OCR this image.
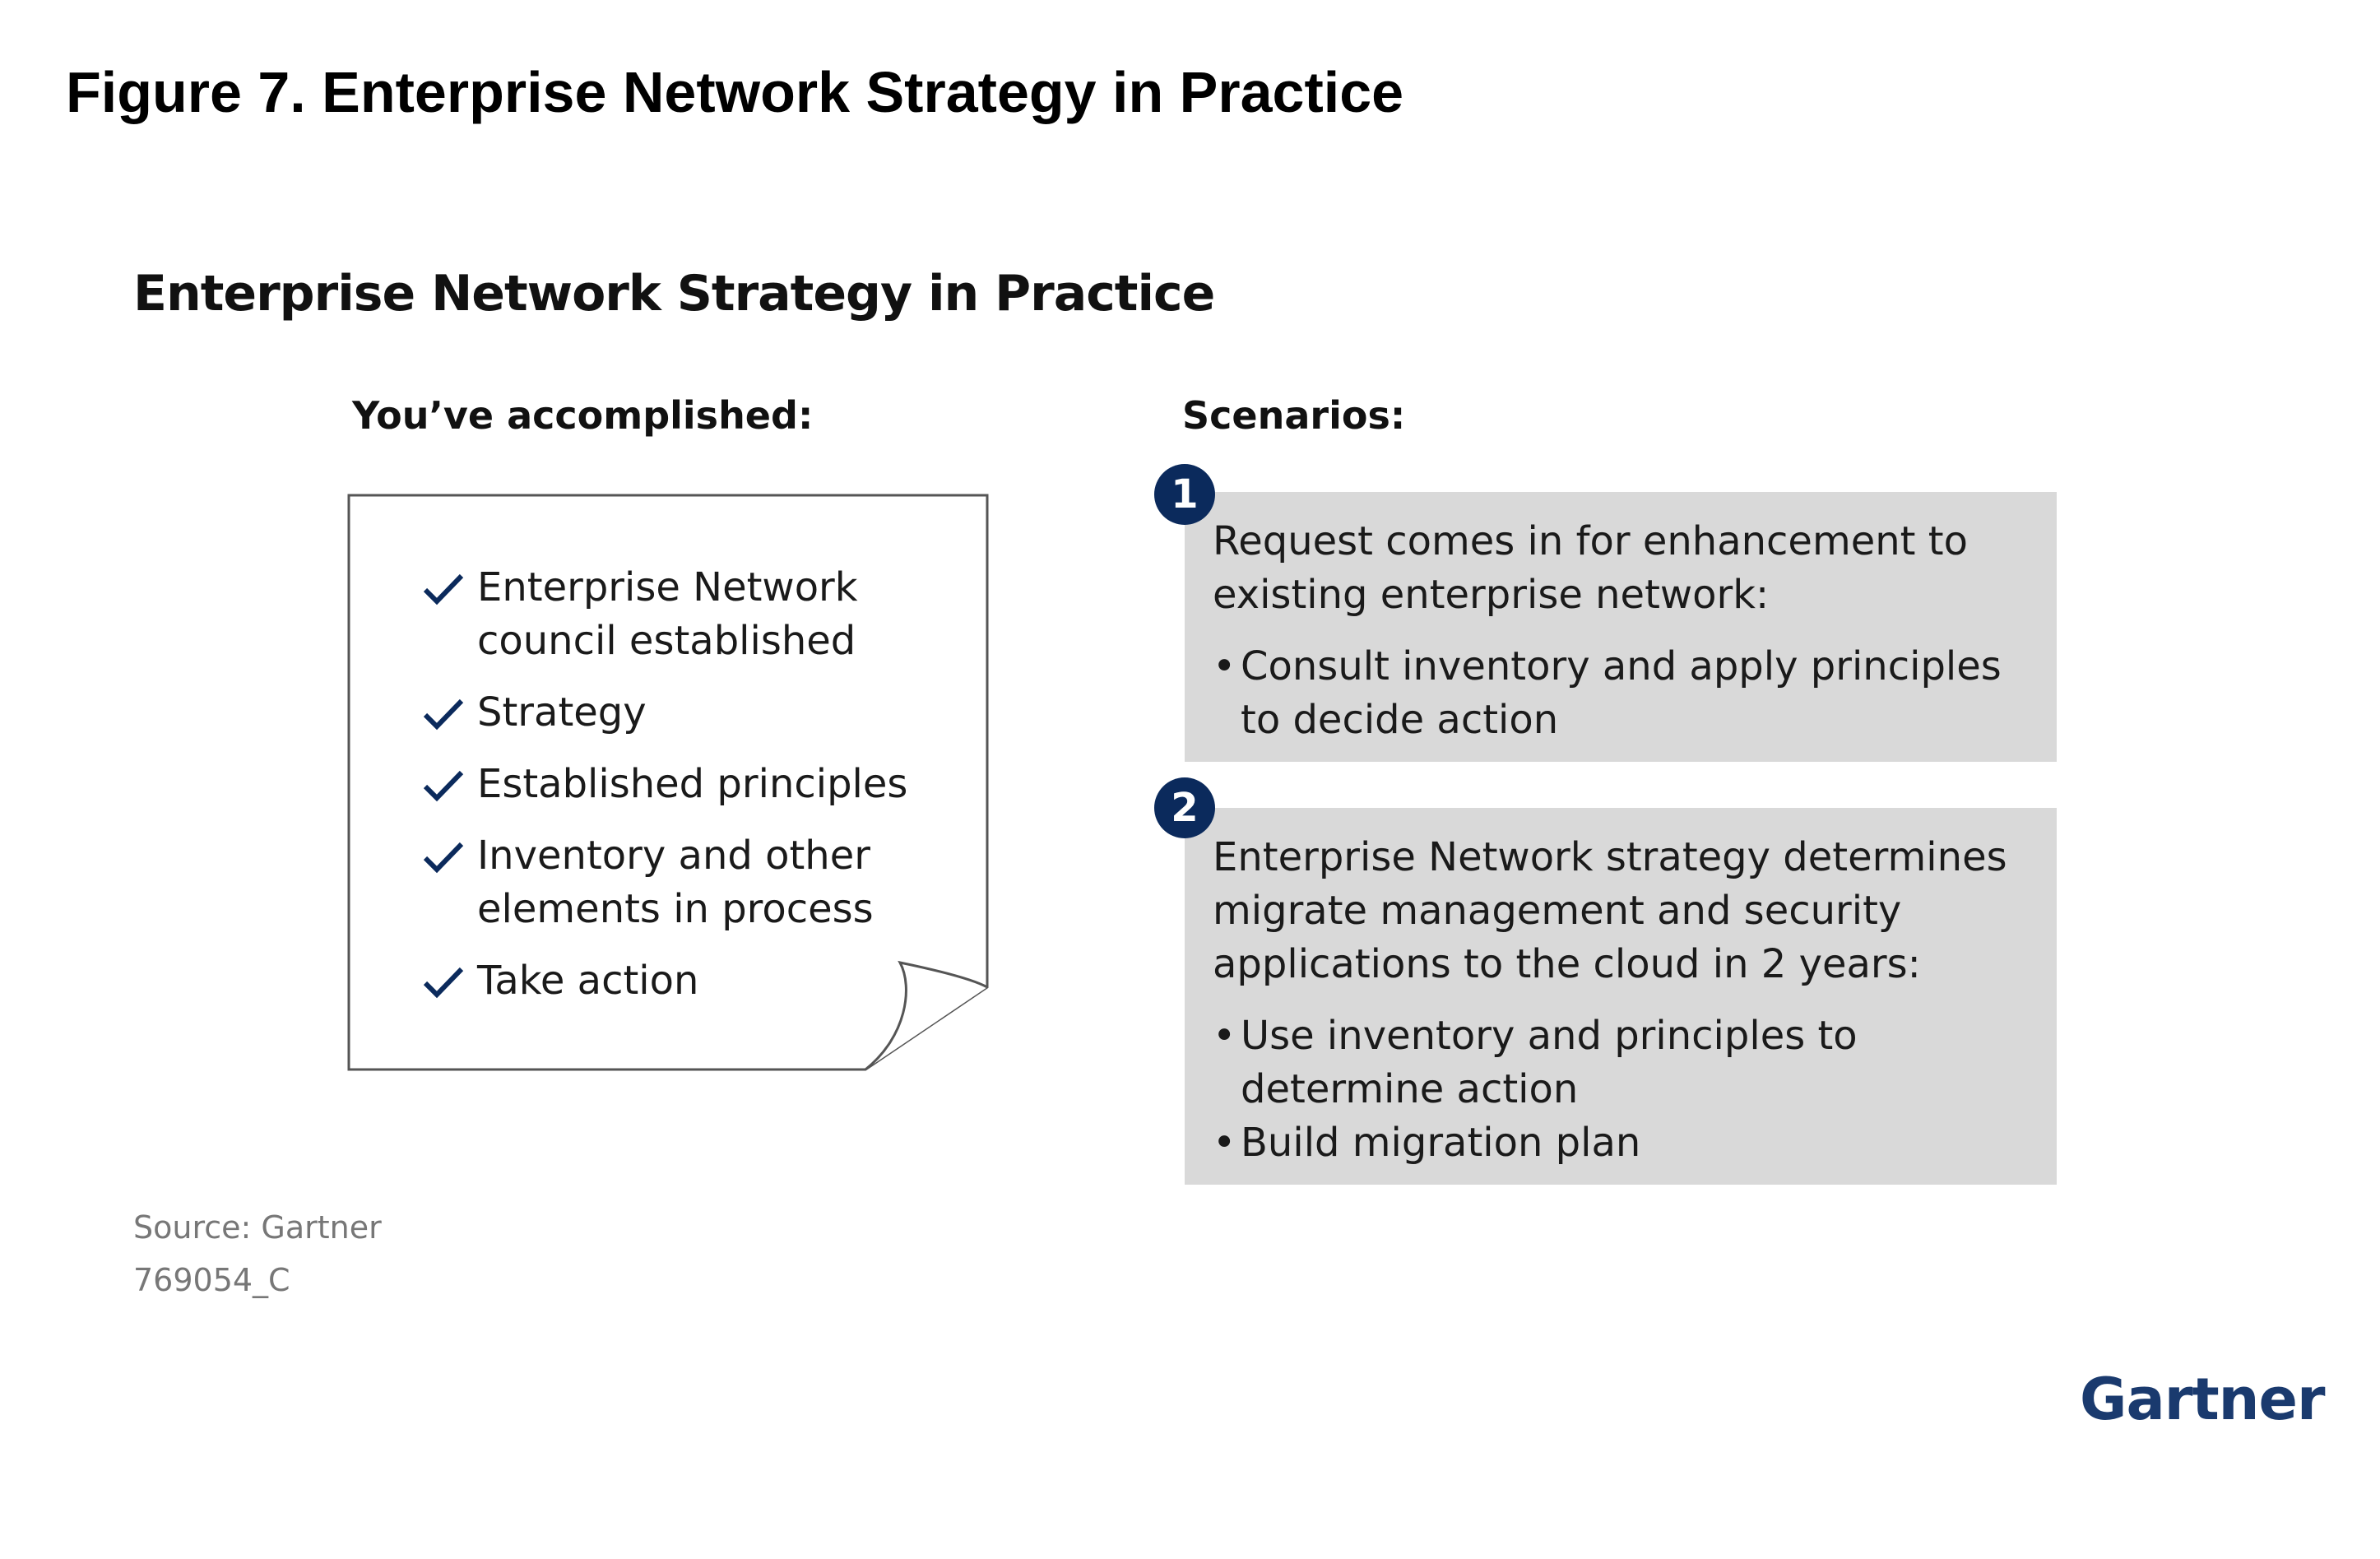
Figure 7. Enterprise Network Strategy in Practice
Enterprise Network Strategy in Practice
You’ve accomplished:	Scenarios:
Enterprise Network
council established
Strategy
Established principles
Inventory and other
elements in process
Take action
Request comes in for enhancement to
existing enterprise network:
• Consult inventory and apply principles
to decide action
1
Enterprise Network strategy determines
migrate management and security
applications to the cloud in 2 years:
• Use inventory and principles to
determine action
• Build migration plan
2

Source: Gartner

769054_C

Gartner
